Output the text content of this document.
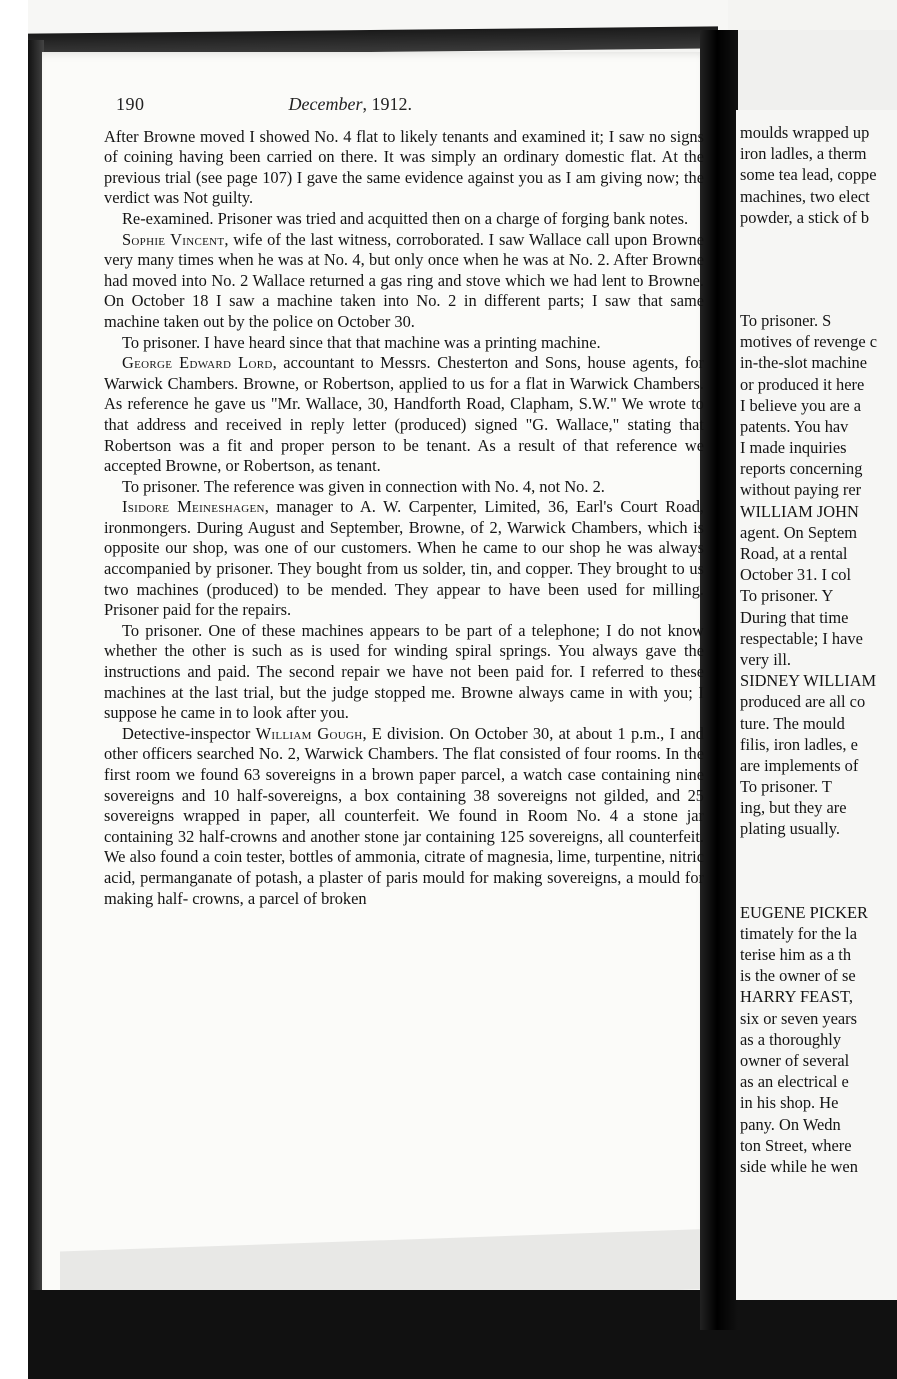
190	December, 1912.

After Browne moved I showed No. 4 flat to likely tenants and examined it; I saw no signs of coining having been carried on there. It was simply an ordinary domestic flat. At the previous trial (see page 107) I gave the same evidence against you as I am giving now; the verdict was Not guilty.

Re-examined. Prisoner was tried and acquitted then on a charge of forging bank notes.

Sophie Vincent, wife of the last witness, corroborated. I saw Wallace call upon Browne very many times when he was at No. 4, but only once when he was at No. 2. After Browne had moved into No. 2 Wallace returned a gas ring and stove which we had lent to Browne. On October 18 I saw a machine taken into No. 2 in different parts; I saw that same machine taken out by the police on October 30.

To prisoner. I have heard since that that machine was a printing machine.

George Edward Lord, accountant to Messrs. Chesterton and Sons, house agents, for Warwick Chambers. Browne, or Robertson, applied to us for a flat in Warwick Chambers. As reference he gave us "Mr. Wallace, 30, Handforth Road, Clapham, S.W." We wrote to that address and received in reply letter (produced) signed "G. Wallace," stating that Robertson was a fit and proper person to be tenant. As a result of that reference we accepted Browne, or Robertson, as tenant.

To prisoner. The reference was given in connection with No. 4, not No. 2.

Isidore Meineshagen, manager to A. W. Carpenter, Limited, 36, Earl's Court Road, ironmongers. During August and September, Browne, of 2, Warwick Chambers, which is opposite our shop, was one of our customers. When he came to our shop he was always accompanied by prisoner. They bought from us solder, tin, and copper. They brought to us two machines (produced) to be mended. They appear to have been used for milling. Prisoner paid for the repairs.

To prisoner. One of these machines appears to be part of a telephone; I do not know whether the other is such as is used for winding spiral springs. You always gave the instructions and paid. The second repair we have not been paid for. I referred to these machines at the last trial, but the judge stopped me. Browne always came in with you; I suppose he came in to look after you.

Detective-inspector William Gough, E division. On October 30, at about 1 p.m., I and other officers searched No. 2, Warwick Chambers. The flat consisted of four rooms. In the first room we found 63 sovereigns in a brown paper parcel, a watch case containing nine sovereigns and 10 half-sovereigns, a box containing 38 sovereigns not gilded, and 25 sovereigns wrapped in paper, all counterfeit. We found in Room No. 4 a stone jar containing 32 half-crowns and another stone jar containing 125 sovereigns, all counterfeit. We also found a coin tester, bottles of ammonia, citrate of magnesia, lime, turpentine, nitric acid, permanganate of potash, a plaster of paris mould for making sovereigns, a mould for making half- crowns, a parcel of broken

moulds wrapped up
iron ladles, a therm
some tea lead, coppe
machines, two elect
powder, a stick of b
To prisoner. S
motives of revenge c
in-the-slot machine
or produced it here
I believe you are a
patents. You hav
I made inquiries
reports concerning
without paying rer
WILLIAM JOHN
agent. On Septem
Road, at a rental
October 31. I col
To prisoner. Y
During that time
respectable; I have
very ill.
SIDNEY WILLIAM
produced are all co
ture. The mould
filis, iron ladles, e
are implements of
To prisoner. T
ing, but they are
plating usually.
EUGENE PICKER
timately for the la
terise him as a th
is the owner of se
HARRY FEAST,
six or seven years
as a thoroughly
owner of several
as an electrical e
in his shop. He
pany. On Wedn
ton Street, where
side while he wen
